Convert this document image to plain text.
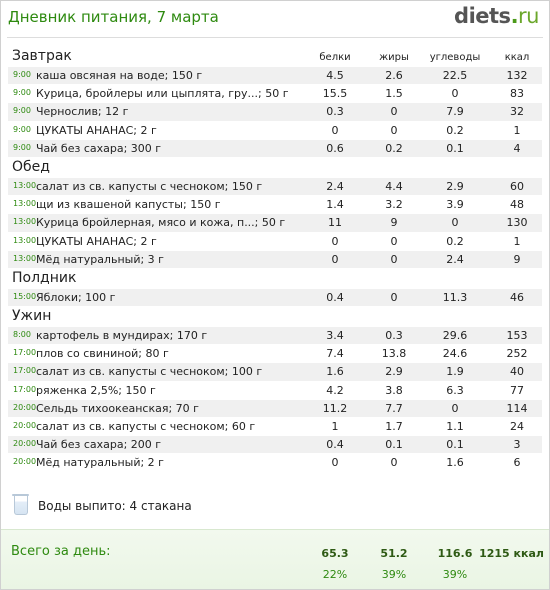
Дневник питания, 7 марта	diets.ru
Завтрак	белки	жиры	углеводы	ккал
9:00 каша овсяная на воде; 150 г	4.5	2.6	22.5	132
9:00 Курица, бройлеры или цыплята, гру...; 50 г	15.5	1.5	0	83
9:00 Чернослив; 12 г	0.3	0	7.9	32
9:00 ЦУКАТЫ АНАНАС; 2 г	0	0	0.2	1
9:00 Чай без сахара; 300 г	0.6	0.2	0.1	4
Обед
13:00 салат из св. капусты с чесноком; 150 г	2.4	4.4	2.9	60
13:00 щи из квашеной капусты; 150 г	1.4	3.2	3.9	48
13:00 Курица бройлерная, мясо и кожа, п...; 50 г	11	9	0	130
13:00 ЦУКАТЫ АНАНАС; 2 г	0	0	0.2	1
13:00 Мёд натуральный; 3 г	0	0	2.4	9
Полдник
15:00 Яблоки; 100 г	0.4	0	11.3	46
Ужин
8:00 картофель в мундирах; 170 г	3.4	0.3	29.6	153
17:00 плов со свининой; 80 г	7.4	13.8	24.6	252
17:00 салат из св. капусты с чесноком; 100 г	1.6	2.9	1.9	40
17:00 ряженка 2,5%; 150 г	4.2	3.8	6.3	77
20:00 Сельдь тихоокеанская; 70 г	11.2	7.7	0	114
20:00 салат из св. капусты с чесноком; 60 г	1	1.7	1.1	24
20:00 Чай без сахара; 200 г	0.4	0.1	0.1	3
20:00 Мёд натуральный; 2 г	0	0	1.6	6
Воды выпито: 4 стакана
Всего за день:	65.3	51.2	116.6 1215 ккал
22%	39%	39%
